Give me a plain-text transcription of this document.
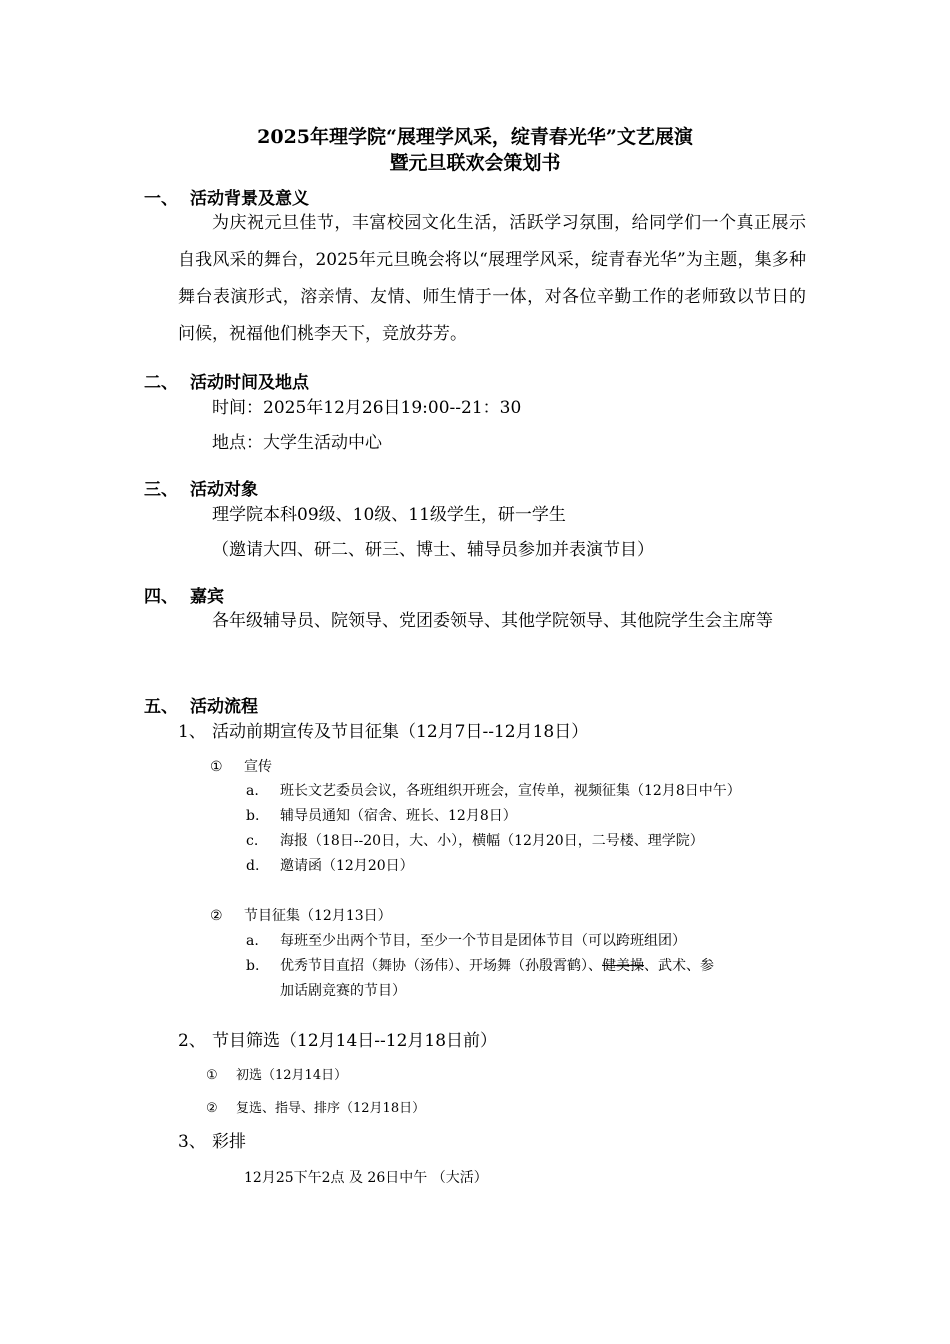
2025年理学院“展理学风采，绽青春光华”文艺展演
暨元旦联欢会策划书
一、 活动背景及意义
为庆祝元旦佳节，丰富校园文化生活，活跃学习氛围，给同学们一个真正展示自我风采的舞台，2025年元旦晚会将以“展理学风采，绽青春光华”为主题，集多种舞台表演形式，溶亲情、友情、师生情于一体，对各位辛勤工作的老师致以节日的问候，祝福他们桃李天下，竞放芬芳。
二、 活动时间及地点
时间：2025年12月26日19:00--21：30
地点：大学生活动中心
三、 活动对象
理学院本科09级、10级、11级学生，研一学生
（邀请大四、研二、研三、博士、辅导员参加并表演节目）
四、 嘉宾
各年级辅导员、院领导、党团委领导、其他学院领导、其他院学生会主席等
五、 活动流程
1、 活动前期宣传及节目征集（12月7日--12月18日）
① 宣传
a. 班长文艺委员会议，各班组织开班会，宣传单，视频征集（12月8日中午）
b. 辅导员通知（宿舍、班长、12月8日）
c. 海报（18日--20日，大、小），横幅（12月20日，二号楼、理学院）
d. 邀请函（12月20日）
② 节目征集（12月13日）
a. 每班至少出两个节目，至少一个节目是团体节目（可以跨班组团）
b. 优秀节目直招（舞协（汤伟）、开场舞（孙殷霄鹤）、健美操、武术、参
加话剧竞赛的节目）
2、 节目筛选（12月14日--12月18日前）
① 初选（12月14日）
② 复选、指导、排序（12月18日）
3、 彩排
12月25下午2点 及 26日中午 （大活）
